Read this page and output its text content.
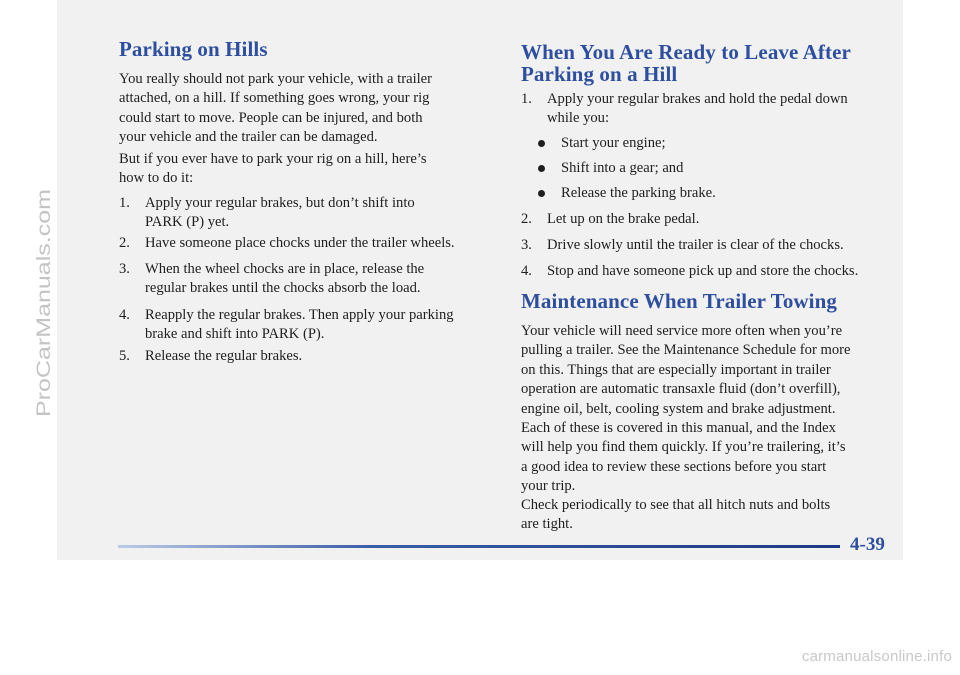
ProCarManuals.com
Parking on Hills
You really should not park your vehicle, with a trailer
attached, on a hill. If something goes wrong, your rig
could start to move. People can be injured, and both
your vehicle and the trailer can be damaged.
But if you ever have to park your rig on a hill, here’s
how to do it:
1. Apply your regular brakes, but don’t shift into
PARK (P) yet.
2. Have someone place chocks under the trailer wheels.
3. When the wheel chocks are in place, release the
regular brakes until the chocks absorb the load.
4. Reapply the regular brakes. Then apply your parking
brake and shift into PARK (P).
5. Release the regular brakes.
When You Are Ready to Leave After
Parking on a Hill
1. Apply your regular brakes and hold the pedal down
while you:
Start your engine;
Shift into a gear; and
Release the parking brake.
2. Let up on the brake pedal.
3. Drive slowly until the trailer is clear of the chocks.
4. Stop and have someone pick up and store the chocks.
Maintenance When Trailer Towing
Your vehicle will need service more often when you’re
pulling a trailer. See the Maintenance Schedule for more
on this. Things that are especially important in trailer
operation are automatic transaxle fluid (don’t overfill),
engine oil, belt, cooling system and brake adjustment.
Each of these is covered in this manual, and the Index
will help you find them quickly. If you’re trailering, it’s
a good idea to review these sections before you start
your trip.
Check periodically to see that all hitch nuts and bolts
are tight.
4-39
carmanualsonline.info
